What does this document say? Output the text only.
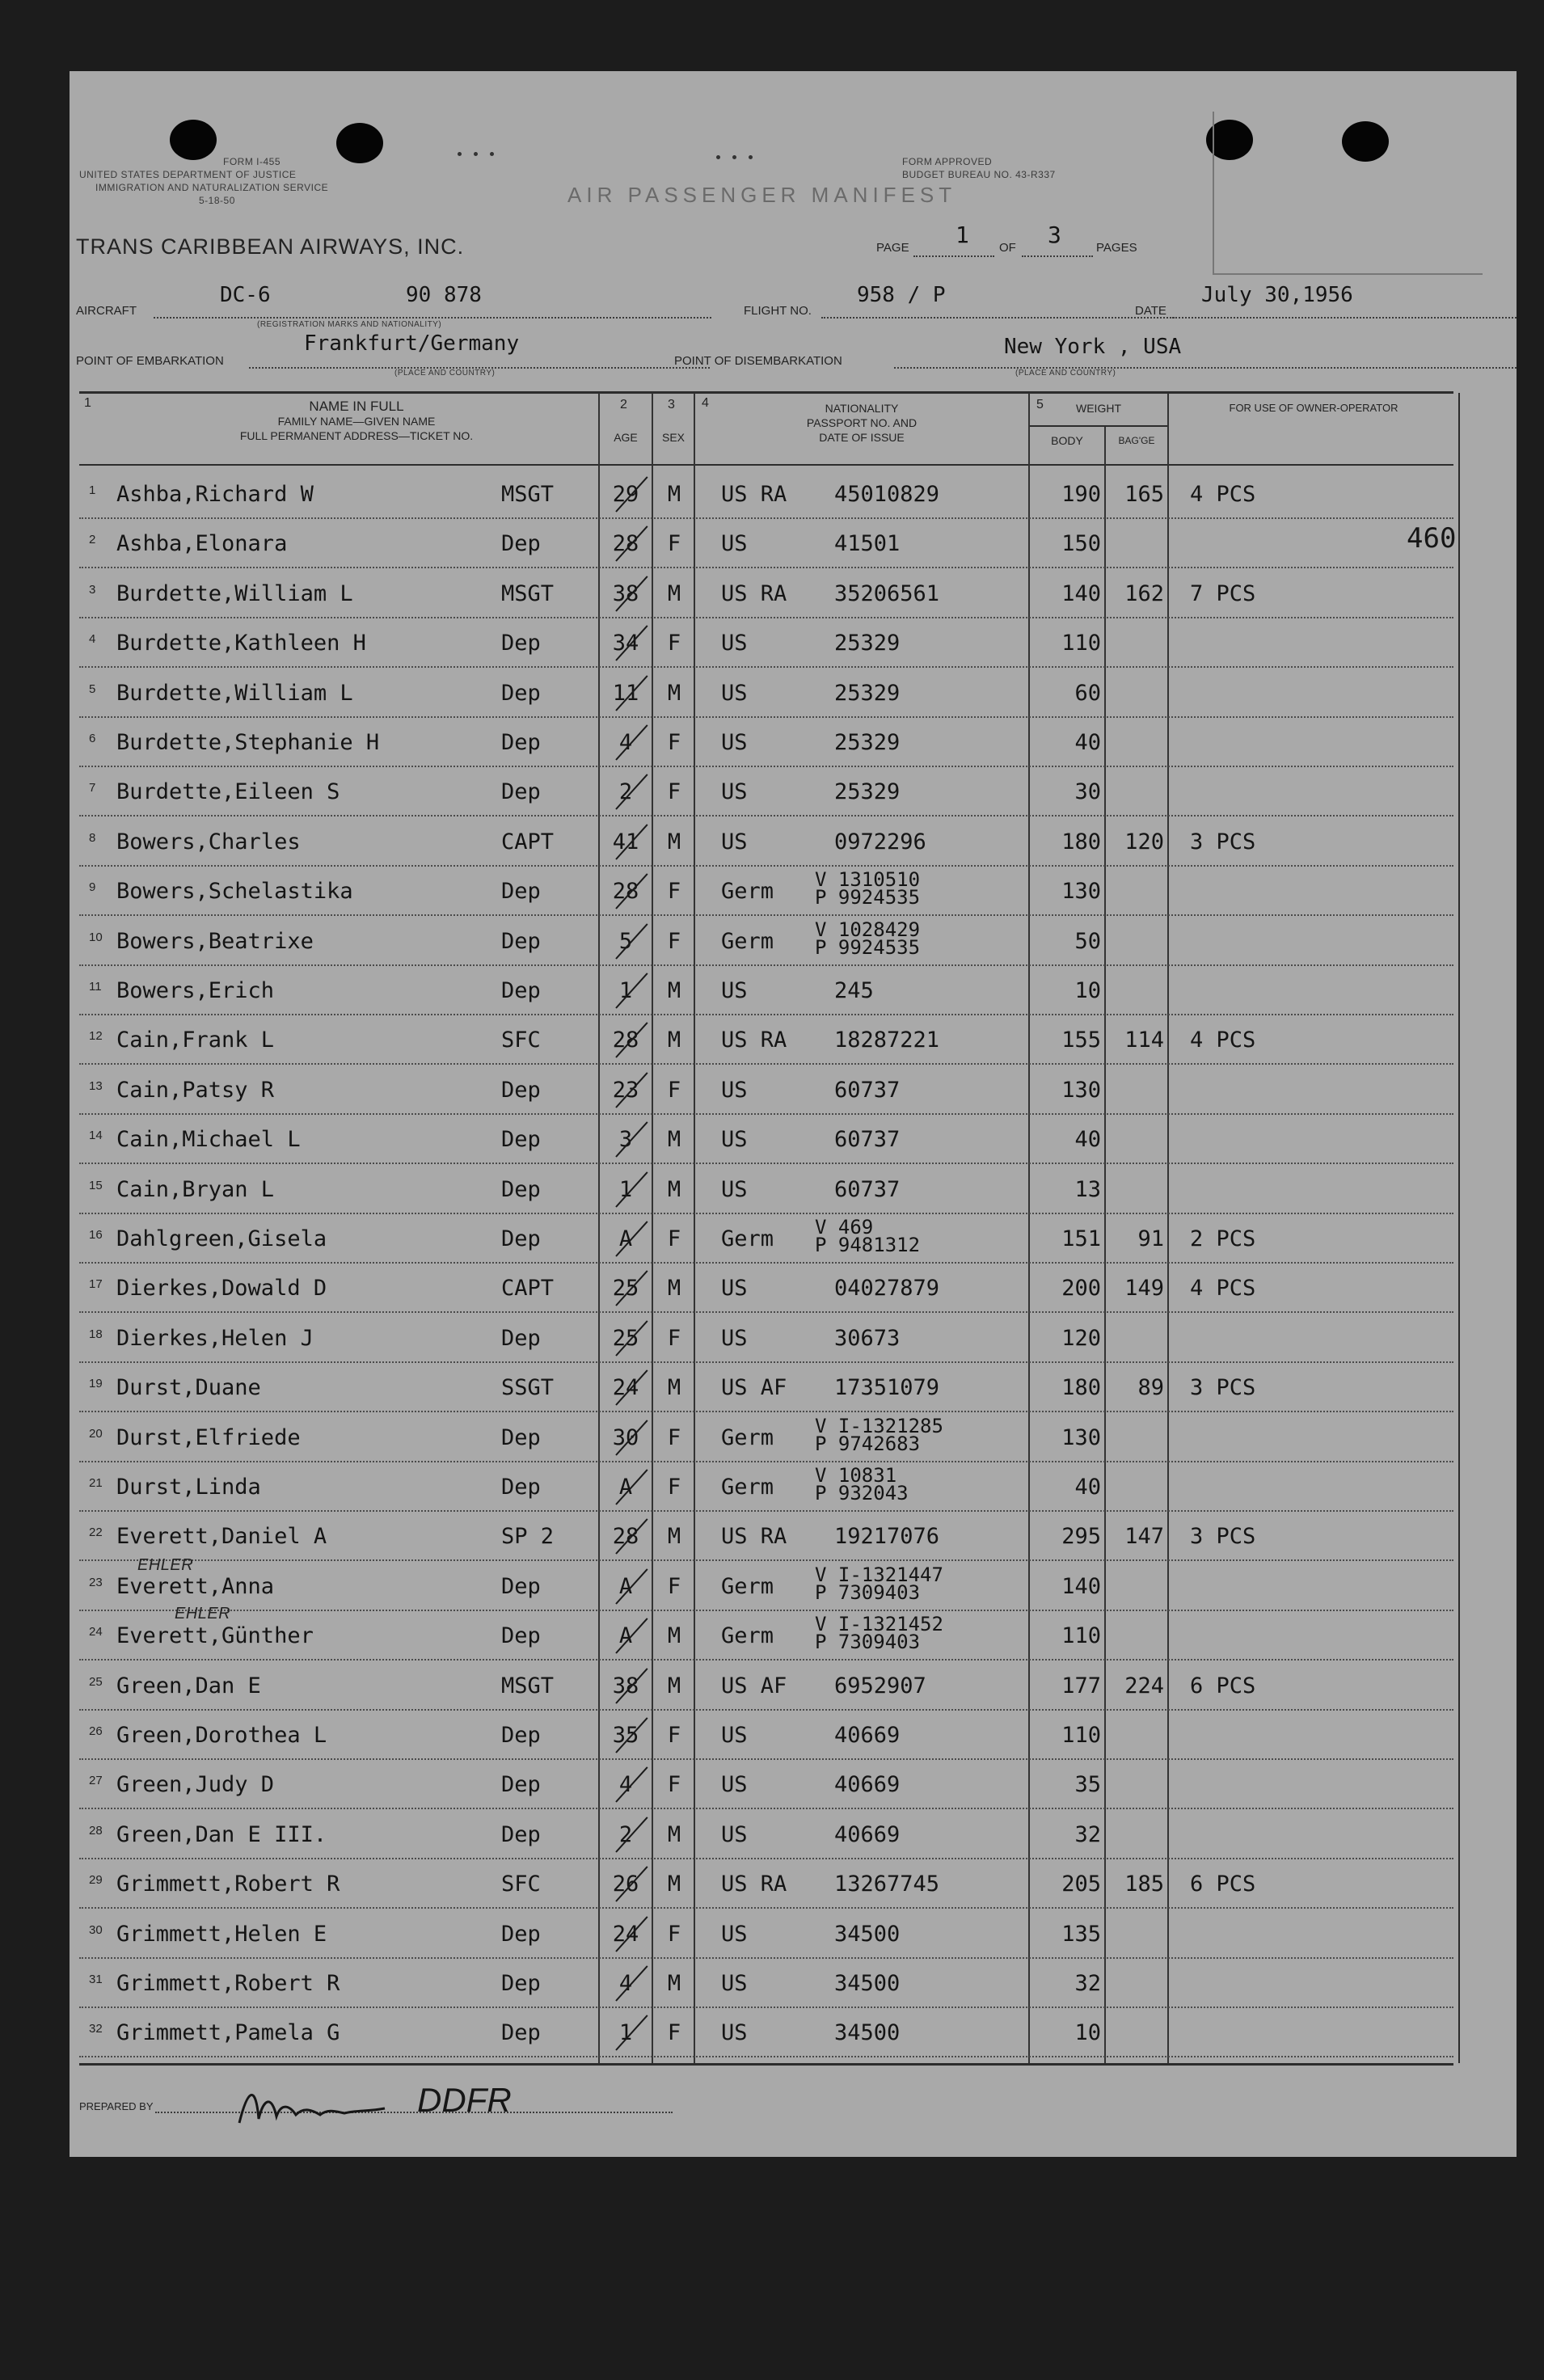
FORM I-455
UNITED STATES DEPARTMENT OF JUSTICE
IMMIGRATION AND NATURALIZATION SERVICE
5-18-50
FORM APPROVED
BUDGET BUREAU NO. 43-R337
AIR PASSENGER MANIFEST
TRANS CARIBBEAN AIRWAYS, INC.	PAGE 1 OF 3	PAGES
AIRCRAFT
DC-6	90 878
(REGISTRATION MARKS AND NATIONALITY)
FLIGHT NO.
958 / P
DATE
July 30,1956
POINT OF EMBARKATION
Frankfurt/Germany
(PLACE AND COUNTRY)
POINT OF DISEMBARKATION
New York , USA
(PLACE AND COUNTRY)
1	NAME IN FULL
FAMILY NAME—GIVEN NAME
FULL PERMANENT ADDRESS—TICKET NO.
2
AGE
3
SEX
4	NATIONALITY
PASSPORT NO. AND
DATE OF ISSUE
5	WEIGHT
BODY	BAG'GE
FOR USE OF OWNER-OPERATOR
1 Ashba,Richard W	MSGT	29	M	US RA 45010829	190	165 4 PCS
2 Ashba,Elonara	Dep	28	F	US	41501	150
3 Burdette,William L	MSGT	38	M	US RA 35206561	140	162 7 PCS
4 Burdette,Kathleen H	Dep	34	F	US	25329	110
5 Burdette,William L	Dep	11	M	US	25329	60
6 Burdette,Stephanie H	Dep	4	F	US	25329	40
7 Burdette,Eileen S	Dep	2	F	US	25329	30
8 Bowers,Charles	CAPT	41	M	US	0972296	180	120 3 PCS
9 Bowers,Schelastika	Dep	28	F	Germ V 1310510
P 9924535	130
10 Bowers,Beatrixe	Dep	5	F	Germ V 1028429
P 9924535	50
11 Bowers,Erich	Dep	1	M	US	245	10
12 Cain,Frank L	SFC	28	M	US RA 18287221	155	114 4 PCS
13 Cain,Patsy R	Dep	23	F	US	60737	130
14 Cain,Michael L	Dep	3	M	US	60737	40
15 Cain,Bryan L	Dep	1	M	US	60737	13
16 Dahlgreen,Gisela	Dep	A	F	Germ V 469
P 9481312	151	91 2 PCS
17 Dierkes,Dowald D	CAPT	25	M	US	04027879	200	149 4 PCS
18 Dierkes,Helen J	Dep	25	F	US	30673	120
19 Durst,Duane	SSGT	24	M	US AF 17351079	180	89 3 PCS
20 Durst,Elfriede	Dep	30	F	Germ V I-1321285
P 9742683	130
21 Durst,Linda	Dep	A	F	Germ V 10831
P 932043	40
22 Everett,Daniel A	SP 2	28	M	US RA 19217076	295	147 3 PCS
23 Everett,Anna	Dep	A	F	Germ V I-1321447
P 7309403	140
24 Everett,Günther	Dep	A	M	Germ V I-1321452
P 7309403	110
25 Green,Dan E	MSGT	38	M	US AF 6952907	177	224 6 PCS
26 Green,Dorothea L	Dep	35	F	US	40669	110
27 Green,Judy D	Dep	4	F	US	40669	35
28 Green,Dan E III.	Dep	2	M	US	40669	32
29 Grimmett,Robert R	SFC	26	M	US RA 13267745	205	185 6 PCS
30 Grimmett,Helen E	Dep	24	F	US	34500	135
31 Grimmett,Robert R	Dep	4	M	US	34500	32
32 Grimmett,Pamela G	Dep	1	F	US	34500	10
460
EHLER
EHLER
PREPARED BY	DDFR
